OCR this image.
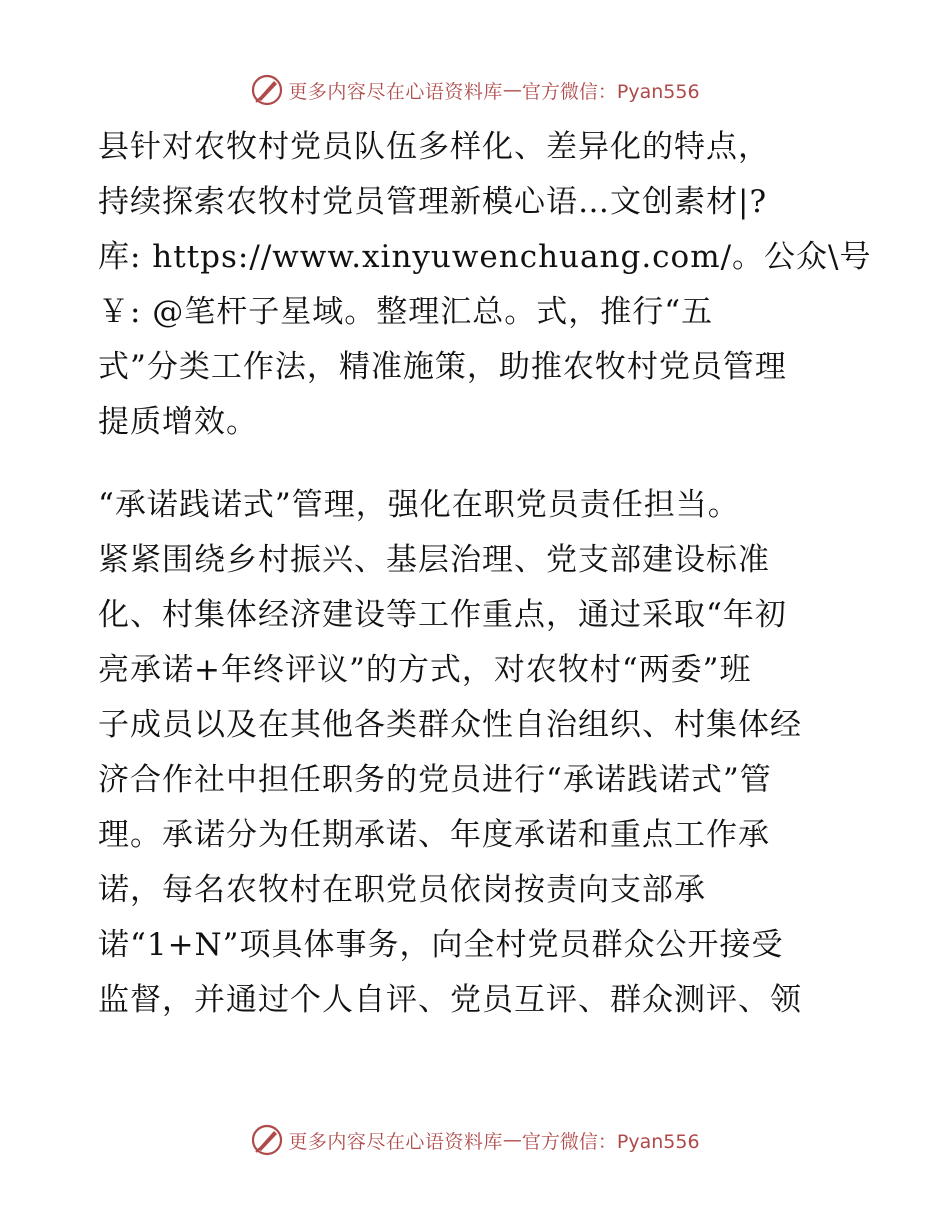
更多内容尽在心语资料库 — 官方微信：Pyan556
县针对农牧村党员队伍多样化、差异化的特点，
持续探索农牧村党员管理新模心语…文创素材|?
库: https://www.xinyuwenchuang.com/。公众\号
￥: @笔杆子星域。整理汇总。式，推行“五
式”分类工作法，精准施策，助推农牧村党员管理
提质增效。
“承诺践诺式”管理，强化在职党员责任担当。
紧紧围绕乡村振兴、基层治理、党支部建设标准
化、村集体经济建设等工作重点，通过采取“年初
亮承诺+年终评议”的方式，对农牧村“两委”班
子成员以及在其他各类群众性自治组织、村集体经
济合作社中担任职务的党员进行“承诺践诺式”管
理。承诺分为任期承诺、年度承诺和重点工作承
诺，每名农牧村在职党员依岗按责向支部承
诺“1+N”项具体事务，向全村党员群众公开接受
监督，并通过个人自评、党员互评、群众测评、领
更多内容尽在心语资料库 — 官方微信：Pyan556
